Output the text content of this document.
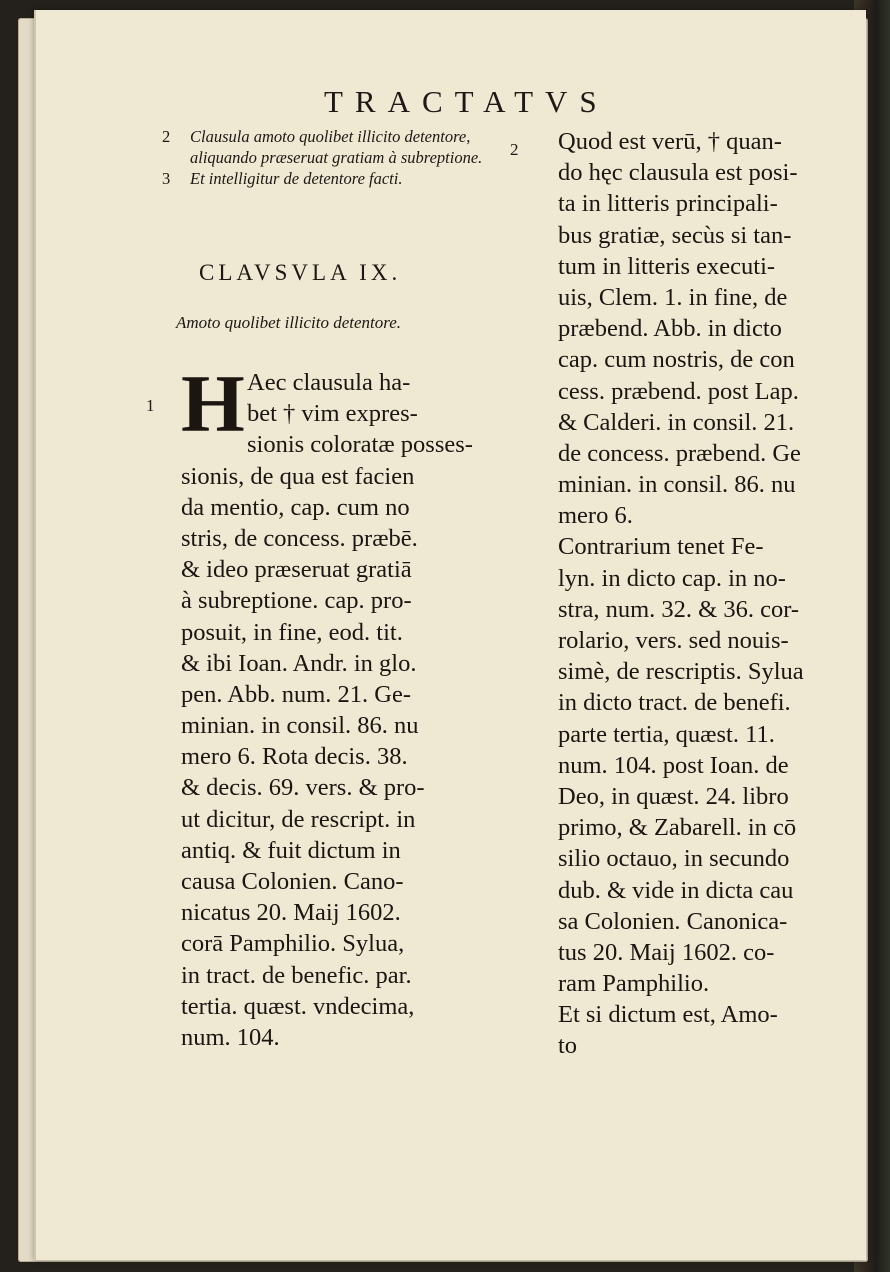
TRACTATVS
2 Clausula amoto quolibet illicito detentore, aliquando præseruat gratiam à subreptione.
3 Et intelligitur de detentore facti.
CLAVSVLA IX.
Amoto quolibet illicito detentore.
1 H Aec clausula ha-
bet † vim expres-
sionis coloratæ posses-
sionis, de qua est facien
da mentio, cap. cum no
stris, de concess. præbē.
& ideo præseruat gratiā
à subreptione. cap. pro-
posuit, in fine, eod. tit.
& ibi Ioan. Andr. in glo.
pen. Abb. num. 21. Ge-
minian. in consil. 86. nu
mero 6. Rota decis. 38.
& decis. 69. vers. & pro-
ut dicitur, de rescript. in
antiq. & fuit dictum in
causa Colonien. Cano-
nicatus 20. Maij 1602.
corā Pamphilio. Sylua,
in tract. de benefic. par.
tertia. quæst. vndecima,
num. 104.
2 Quod est verū, † quan-
do hęc clausula est posi-
ta in litteris principali-
bus gratiæ, secùs si tan-
tum in litteris executi-
uis, Clem. 1. in fine, de
præbend. Abb. in dicto
cap. cum nostris, de con
cess. præbend. post Lap.
& Calderi. in consil. 21.
de concess. præbend. Ge
minian. in consil. 86. nu
mero 6.
Contrarium tenet Fe-
lyn. in dicto cap. in no-
stra, num. 32. & 36. cor-
rolario, vers. sed nouis-
simè, de rescriptis. Sylua
in dicto tract. de benefi.
parte tertia, quæst. 11.
num. 104. post Ioan. de
Deo, in quæst. 24. libro
primo, & Zabarell. in cō
silio octauo, in secundo
dub. & vide in dicta cau
sa Colonien. Canonica-
tus 20. Maij 1602. co-
ram Pamphilio.
Et si dictum est, Amo-
to
